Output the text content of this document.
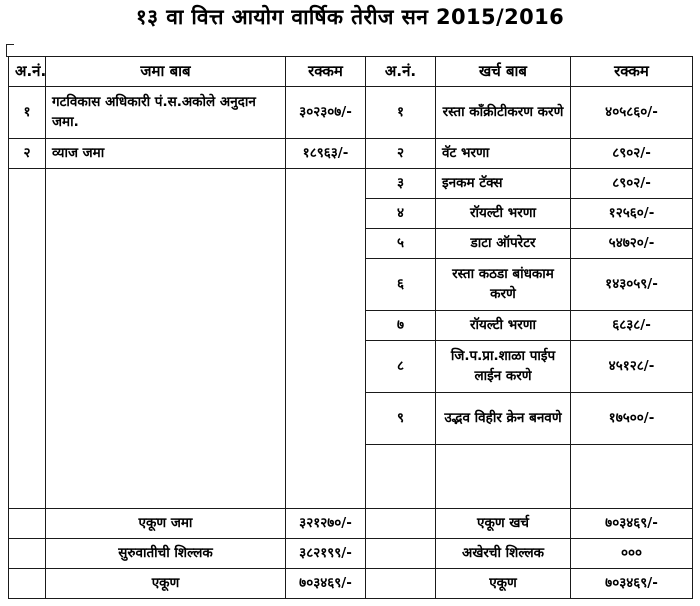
१३ वा वित्त आयोग वार्षिक तेरीज सन 2015/2016
अ.नं.	जमा बाब	रक्कम	अ.नं.	खर्च बाब	रक्कम
१	गटविकास अधिकारी पं.स.अकोले अनुदान जमा.	३०२३०७/-	१	रस्ता काँक्रीटीकरण करणे	४०५८६०/-
२	व्याज जमा	१८९६३/-	२	वॅट भरणा	८९०२/-
			३	इनकम टॅक्स	८९०२/-
			४	रॉयल्टी भरणा	१२५६०/-
			५	डाटा ऑपरेटर	५४७२०/-
			६	रस्ता कठडा बांधकाम करणे	१४३०५९/-
			७	रॉयल्टी भरणा	६८३८/-
			८	जि.प.प्रा.शाळा पाईप लाईन करणे	४५१२८/-
			९	उद्भव विहीर क्रेन बनवणे	१७५००/-

	एकूण जमा	३२१२७०/-		एकूण खर्च	७०३४६९/-
	सुरुवातीची शिल्लक	३८२१९९/-		अखेरची शिल्लक	०००
	एकूण	७०३४६९/-		एकूण	७०३४६९/-
